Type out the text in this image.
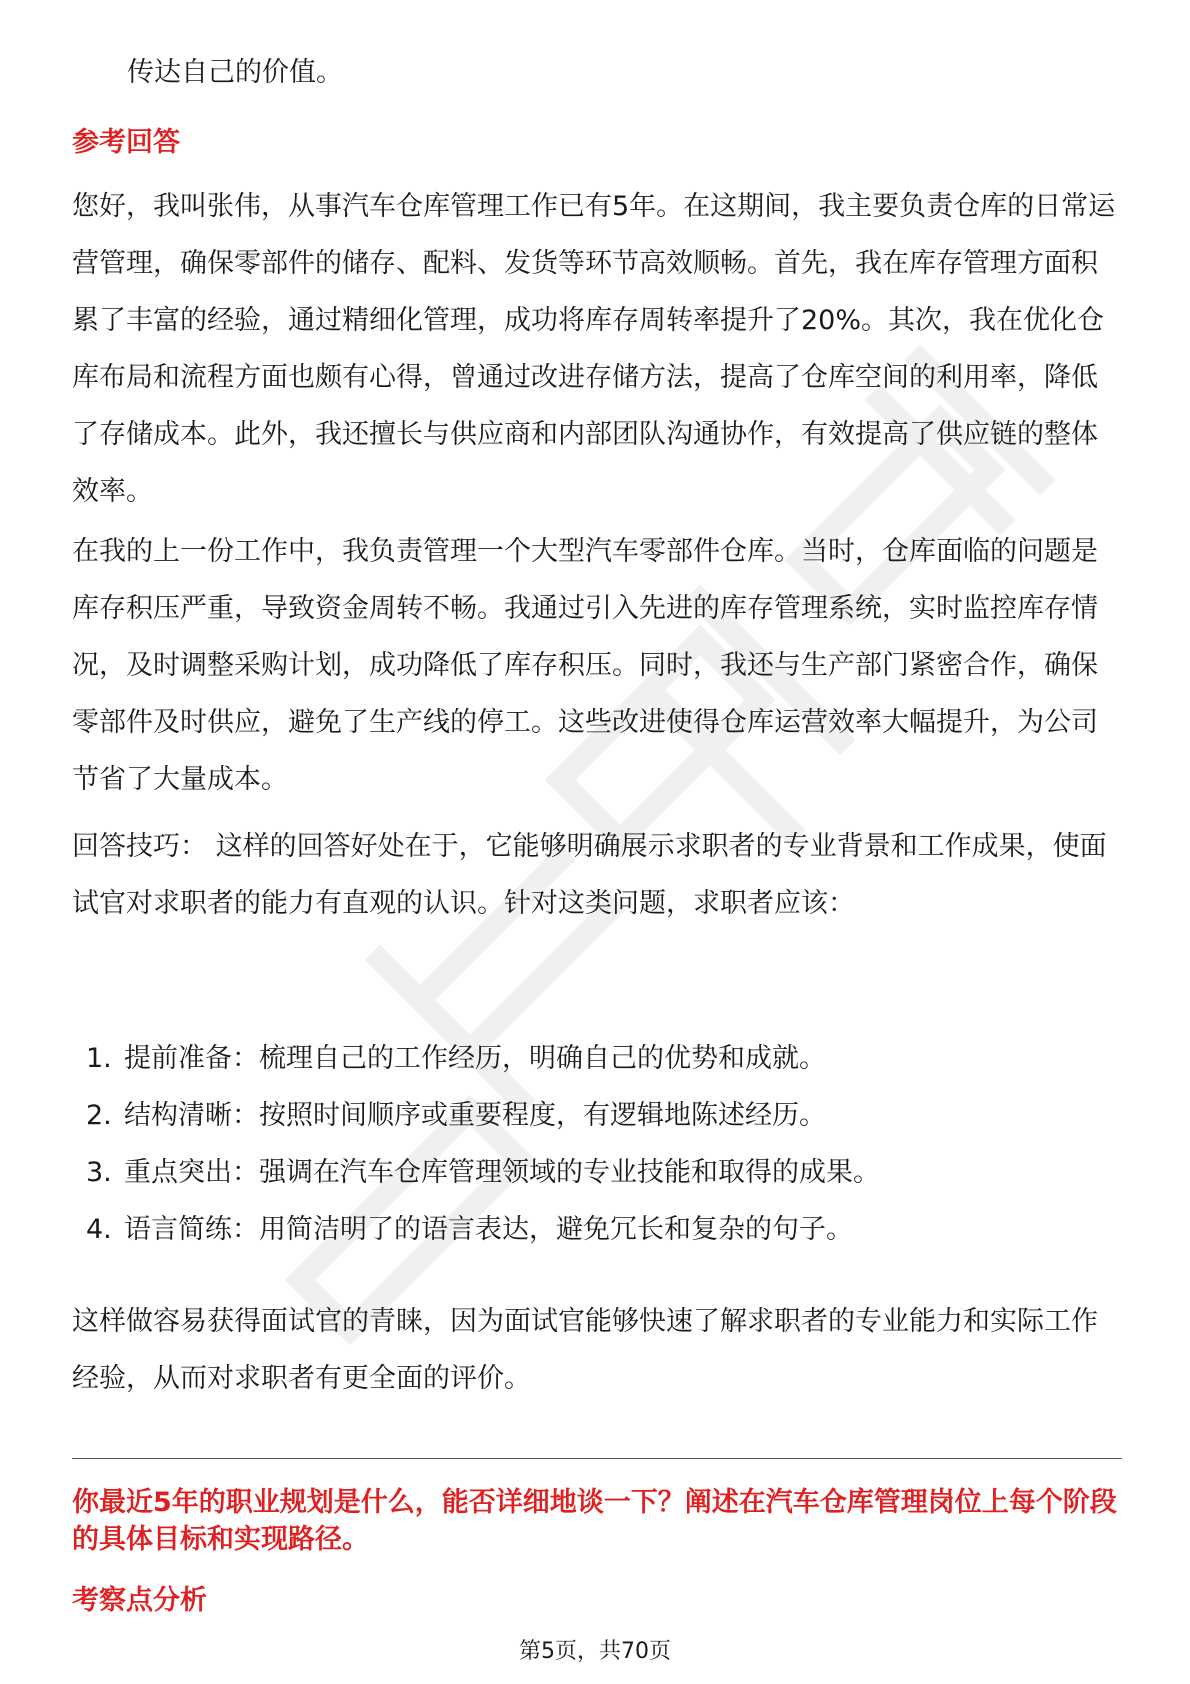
传达自己的价值。

参考回答

您好，我叫张伟，从事汽车仓库管理工作已有5年。在这期间，我主要负责仓库的日常运营管理，确保零部件的储存、配料、发货等环节高效顺畅。首先，我在库存管理方面积累了丰富的经验，通过精细化管理，成功将库存周转率提升了20%。其次，我在优化仓库布局和流程方面也颇有心得，曾通过改进存储方法，提高了仓库空间的利用率，降低了存储成本。此外，我还擅长与供应商和内部团队沟通协作，有效提高了供应链的整体效率。

在我的上一份工作中，我负责管理一个大型汽车零部件仓库。当时，仓库面临的问题是库存积压严重，导致资金周转不畅。我通过引入先进的库存管理系统，实时监控库存情况，及时调整采购计划，成功降低了库存积压。同时，我还与生产部门紧密合作，确保零部件及时供应，避免了生产线的停工。这些改进使得仓库运营效率大幅提升，为公司节省了大量成本。

回答技巧： 这样的回答好处在于，它能够明确展示求职者的专业背景和工作成果，使面试官对求职者的能力有直观的认识。针对这类问题，求职者应该：

1. 提前准备：梳理自己的工作经历，明确自己的优势和成就。
2. 结构清晰：按照时间顺序或重要程度，有逻辑地陈述经历。
3. 重点突出：强调在汽车仓库管理领域的专业技能和取得的成果。
4. 语言简练：用简洁明了的语言表达，避免冗长和复杂的句子。

这样做容易获得面试官的青睐，因为面试官能够快速了解求职者的专业能力和实际工作经验，从而对求职者有更全面的评价。

你最近5年的职业规划是什么，能否详细地谈一下？阐述在汽车仓库管理岗位上每个阶段的具体目标和实现路径。

考察点分析

第5页，共70页
